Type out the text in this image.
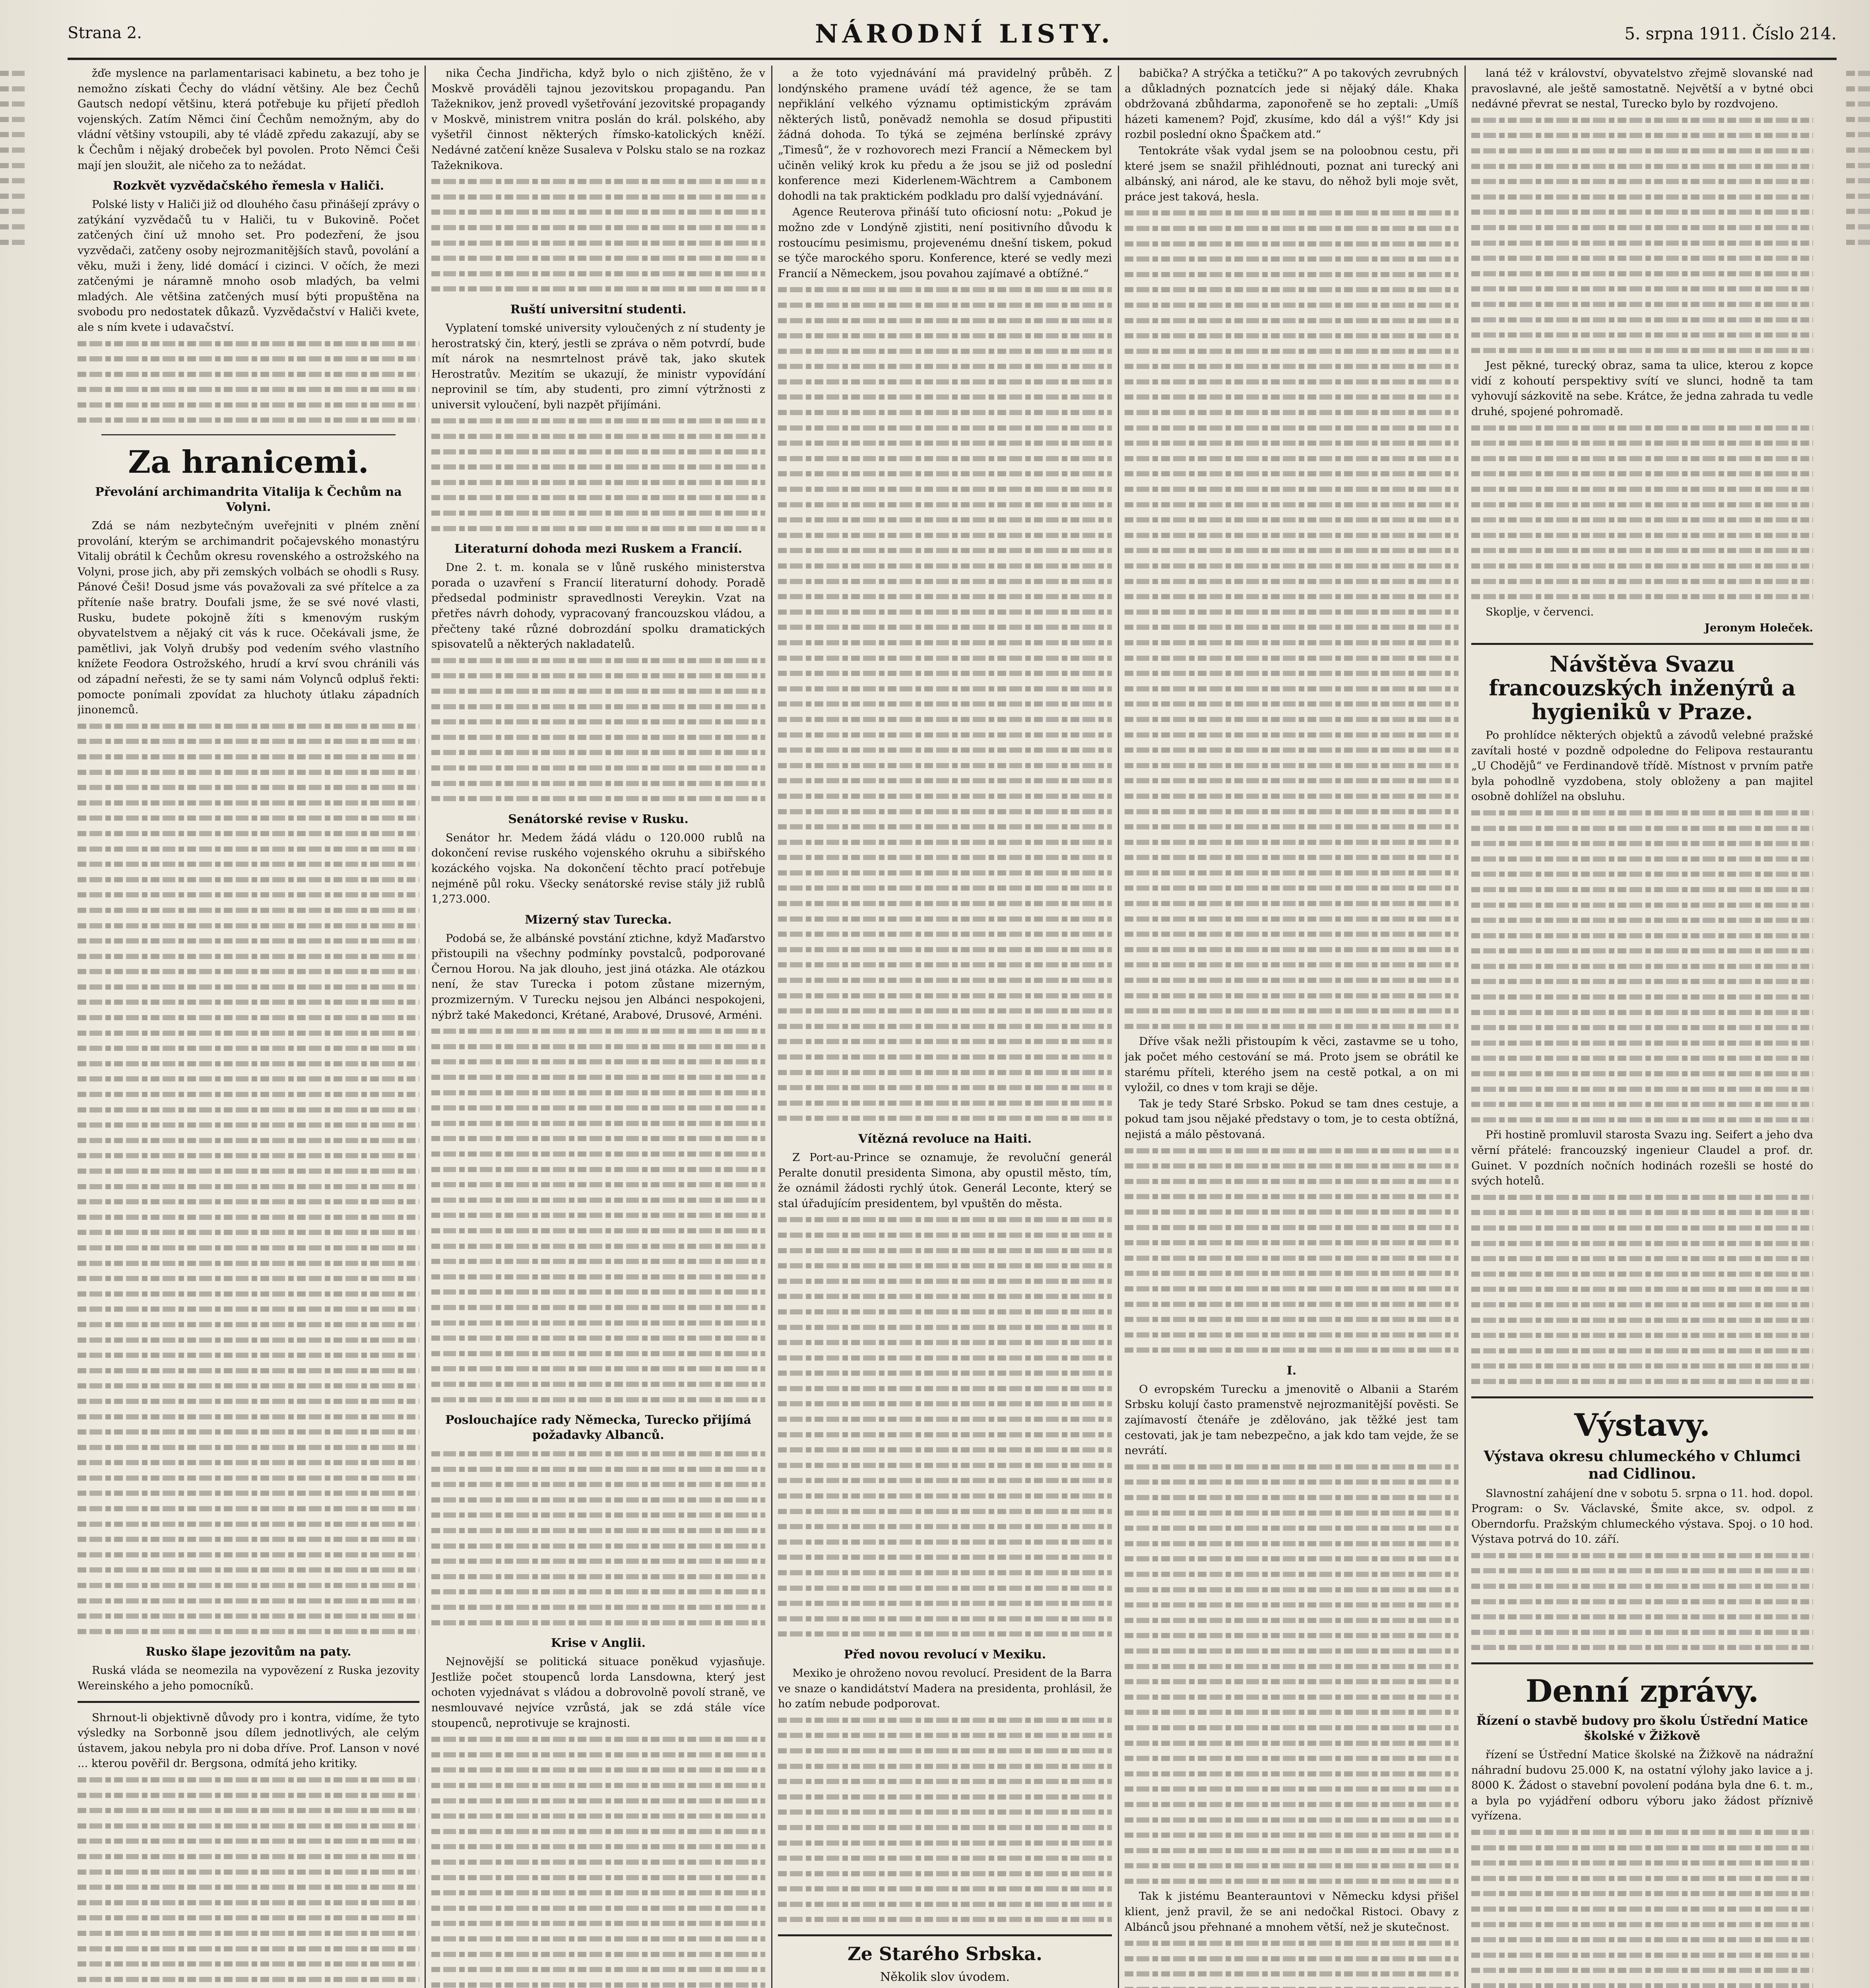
Strana 2.	NÁRODNÍ LISTY.	5. srpna 1911. Číslo 214.

žďe myslence na parlamentarisaci kabinetu, a bez toho je nemožno získati Čechy do vládní většiny. Ale bez Čechů Gautsch nedopí většinu, která potřebuje ku přijetí předloh vojenských. Zatím Němci činí Čechům nemožným, aby do vládní většiny vstoupili, aby té vládě zpředu zakazují, aby se k Čechům i nějaký drobeček byl povolen. Proto Němci Češi mají jen sloužit, ale ničeho za to nežádat.

Rozkvět vyzvědačského řemesla v Haliči.

Polské listy v Haliči již od dlouhého času přinášejí zprávy o zatýkání vyzvědačů tu v Haliči, tu v Bukovině. Počet zatčených činí už mnoho set. Pro podezření, že jsou vyzvědači, zatčeny osoby nejrozmanitějších stavů, povolání a věku, muži i ženy, lidé domácí i cizinci. V očích, že mezi zatčenými je náramně mnoho osob mladých, ba velmi mladých. Ale většina zatčených musí býti propuštěna na svobodu pro nedostatek důkazů. Vyzvědačství v Haliči kvete, ale s ním kvete i udavačství.

Za hranicemi.
Převolání archimandrita Vitalija k Čechům na Volyni.

Zdá se nám nezbytečným uveřejniti v plném znění provolání, kterým se archimandrit počajevského monastýru Vitalij obrátil k Čechům okresu rovenského a ostrožského na Volyni, prose jich, aby při zemských volbách se ohodli s Rusy. Pánové Češi! Dosud jsme vás považovali za své přítelce a za příteníe naše bratry. Doufali jsme, že se své nové vlasti, Rusku, budete pokojně žíti s kmenovým ruským obyvatelstvem a nějaký cit vás k ruce. Očekávali jsme, že pamětlivi, jak Volyň drubšy pod vedením svého vlastního knížete Feodora Ostrožského, hrudí a krví svou chránili vás od západní neřesti, že se ty sami nám Volynců odpluš řekti: pomocte ponímali zpovídat za hluchoty útlaku západních jinonemců.

Rusko šlape jezovitům na paty.

Ruská vláda se neomezila na vypovězení z Ruska jezovity Wereinského a jeho pomocníků.

Shrnout-li objektivně důvody pro i kontra, vidíme, že tyto výsledky na Sorbonně jsou dílem jednotlivých, ale celým ústavem, jakou nebyla pro ni doba dříve. Prof. Lanson v nové ... kterou pověřil dr. Bergsona, odmítá jeho kritiky.

nika Čecha Jindřicha, když bylo o nich zjištěno, že v Moskvě prováděli tajnou jezovitskou propagandu. Pan Tažeknikov, jenž provedl vyšetřování jezovitské propagandy v Moskvě, ministrem vnitra poslán do král. polského, aby vyšetřil činnost některých římsko-katolických kněží. Nedávné zatčení kněze Susaleva v Polsku stalo se na rozkaz Tažeknikova.

Ruští universitní studenti.

Vyplatení tomské university vyloučených z ní studenty je herostratský čin, který, jestli se zpráva o něm potvrdí, bude mít nárok na nesmrtelnost právě tak, jako skutek Herostratův. Mezitím se ukazují, že ministr vypovídání neprovinil se tím, aby studenti, pro zimní výtržnosti z universit vyloučení, byli nazpět přijímáni.

Literaturní dohoda mezi Ruskem a Francií.

Dne 2. t. m. konala se v lůně ruského ministerstva porada o uzavření s Francií literaturní dohody. Poradě předsedal podministr spravedlnosti Vereykin. Vzat na přetřes návrh dohody, vypracovaný francouzskou vládou, a přečteny také různé dobrozdání spolku dramatických spisovatelů a některých nakladatelů.

Senátorské revise v Rusku.

Senátor hr. Medem žádá vládu o 120.000 rublů na dokončení revise ruského vojenského okruhu a sibiřského kozáckého vojska. Na dokončení těchto prací potřebuje nejméně půl roku. Všecky senátorské revise stály již rublů 1,273.000.

Mizerný stav Turecka.

Podobá se, že albánské povstání ztichne, když Maďarstvo přistoupili na všechny podmínky povstalců, podporované Černou Horou. Na jak dlouho, jest jiná otázka. Ale otázkou není, že stav Turecka i potom zůstane mizerným, prozmizerným. V Turecku nejsou jen Albánci nespokojeni, nýbrž také Makedonci, Krétané, Arabové, Drusové, Arméni.

Poslouchajíce rady Německa, Turecko přijímá požadavky Albanců.
Krise v Anglii.

Nejnovější se politická situace poněkud vyjasňuje. Jestliže počet stoupenců lorda Lansdowna, který jest ochoten vyjednávat s vládou a dobrovolně povolí straně, ve nesmlouvavé nejvíce vzrůstá, jak se zdá stále více stoupenců, neprotivuje se krajnosti.

a že toto vyjednávání má pravidelný průběh. Z londýnského pramene uvádí též agence, že se tam nepřiklání velkého významu optimistickým zprávám některých listů, poněvadž nemohla se dosud připustiti žádná dohoda. To týká se zejména berlínské zprávy „Timesů“, že v rozhovorech mezi Francií a Německem byl učiněn veliký krok ku předu a že jsou se již od poslední konference mezi Kiderlenem-Wächtrem a Cambonem dohodli na tak praktickém podkladu pro další vyjednávání.

Agence Reuterova přináší tuto oficiosní notu: „Pokud je možno zde v Londýně zjistiti, není positivního důvodu k rostoucímu pesimismu, projevenému dnešní tiskem, pokud se týče marockého sporu. Konference, které se vedly mezi Francií a Německem, jsou povahou zajímavé a obtížné.“

Vítězná revoluce na Haiti.

Z Port-au-Prince se oznamuje, že revoluční generál Peralte donutil presidenta Simona, aby opustil město, tím, že oznámil žádosti rychlý útok. Generál Leconte, který se stal úřadujícím presidentem, byl vpuštěn do města.

Před novou revolucí v Mexiku.

Mexiko je ohroženo novou revolucí. President de la Barra ve snaze o kandidátství Madera na presidenta, prohlásil, že ho zatím nebude podporovat.

Ze Starého Srbska.
Několik slov úvodem.

babička? A strýčka a tetičku?“ A po takových zevrubných a důkladných poznatcích jede si nějaký dále. Khaka obdržovaná zbůhdarma, zaponořeně se ho zeptali: „Umíš házeti kamenem? Pojď, zkusíme, kdo dál a výš!“ Kdy jsi rozbil poslední okno Špačkem atd.“

Tentokráte však vydal jsem se na poloobnou cestu, při které jsem se snažil přihlédnouti, poznat ani turecký ani albánský, ani národ, ale ke stavu, do něhož byli moje svět, práce jest taková, hesla.

Dříve však nežli přistoupím k věci, zastavme se u toho, jak počet mého cestování se má. Proto jsem se obrátil ke starému příteli, kterého jsem na cestě potkal, a on mi vyložil, co dnes v tom kraji se děje.

Tak je tedy Staré Srbsko. Pokud se tam dnes cestuje, a pokud tam jsou nějaké představy o tom, je to cesta obtížná, nejistá a málo pěstovaná.

I.

O evropském Turecku a jmenovitě o Albanii a Starém Srbsku kolují často pramenstvě nejrozmanitější pověsti. Se zajímavostí čtenáře je zdělováno, jak těžké jest tam cestovati, jak je tam nebezpečno, a jak kdo tam vejde, že se nevrátí.

Tak k jistému Beanterauntovi v Německu kdysi přišel klient, jenž pravil, že se ani nedočkal Ristoci. Obavy z Albánců jsou přehnané a mnohem větší, než je skutečnost.

laná též v království, obyvatelstvo zřejmě slovanské nad pravoslavné, ale ještě samostatně. Největší a v bytné obci nedávné převrat se nestal, Turecko bylo by rozdvojeno.

Jest pěkné, turecký obraz, sama ta ulice, kterou z kopce vidí z kohoutí perspektivy svítí ve slunci, hodně ta tam vyhovují sázkovitě na sebe. Krátce, že jedna zahrada tu vedle druhé, spojené pohromadě.

Skoplje, v červenci.

Jeronym Holeček.

Návštěva Svazu francouzských inženýrů a hygieniků v Praze.

Po prohlídce některých objektů a závodů velebné pražské zavítali hosté v pozdně odpoledne do Felipova restaurantu „U Chodějů“ ve Ferdinandově třídě. Místnost v prvním patře byla pohodlně vyzdobena, stoly obloženy a pan majitel osobně dohlížel na obsluhu.

Při hostině promluvil starosta Svazu ing. Seifert a jeho dva věrní přátelé: francouzský ingenieur Claudel a prof. dr. Guinet. V pozdních nočních hodinách rozešli se hosté do svých hotelů.

Výstavy.
Výstava okresu chlumeckého v Chlumci nad Cidlinou.

Slavnostní zahájení dne v sobotu 5. srpna o 11. hod. dopol. Program: o Sv. Václavské, Šmite akce, sv. odpol. z Oberndorfu. Pražským chlumeckého výstava. Spoj. o 10 hod. Výstava potrvá do 10. září.

Denní zprávy.
Řízení o stavbě budovy pro školu Ústřední Matice školské v Žižkově

řízení se Ústřední Matice školské na Žižkově na nádražní náhradní budovu 25.000 K, na ostatní výlohy jako lavice a j. 8000 K. Žádost o stavební povolení podána byla dne 6. t. m., a byla po vyjádření odboru výboru jako žádost příznivě vyřízena.
